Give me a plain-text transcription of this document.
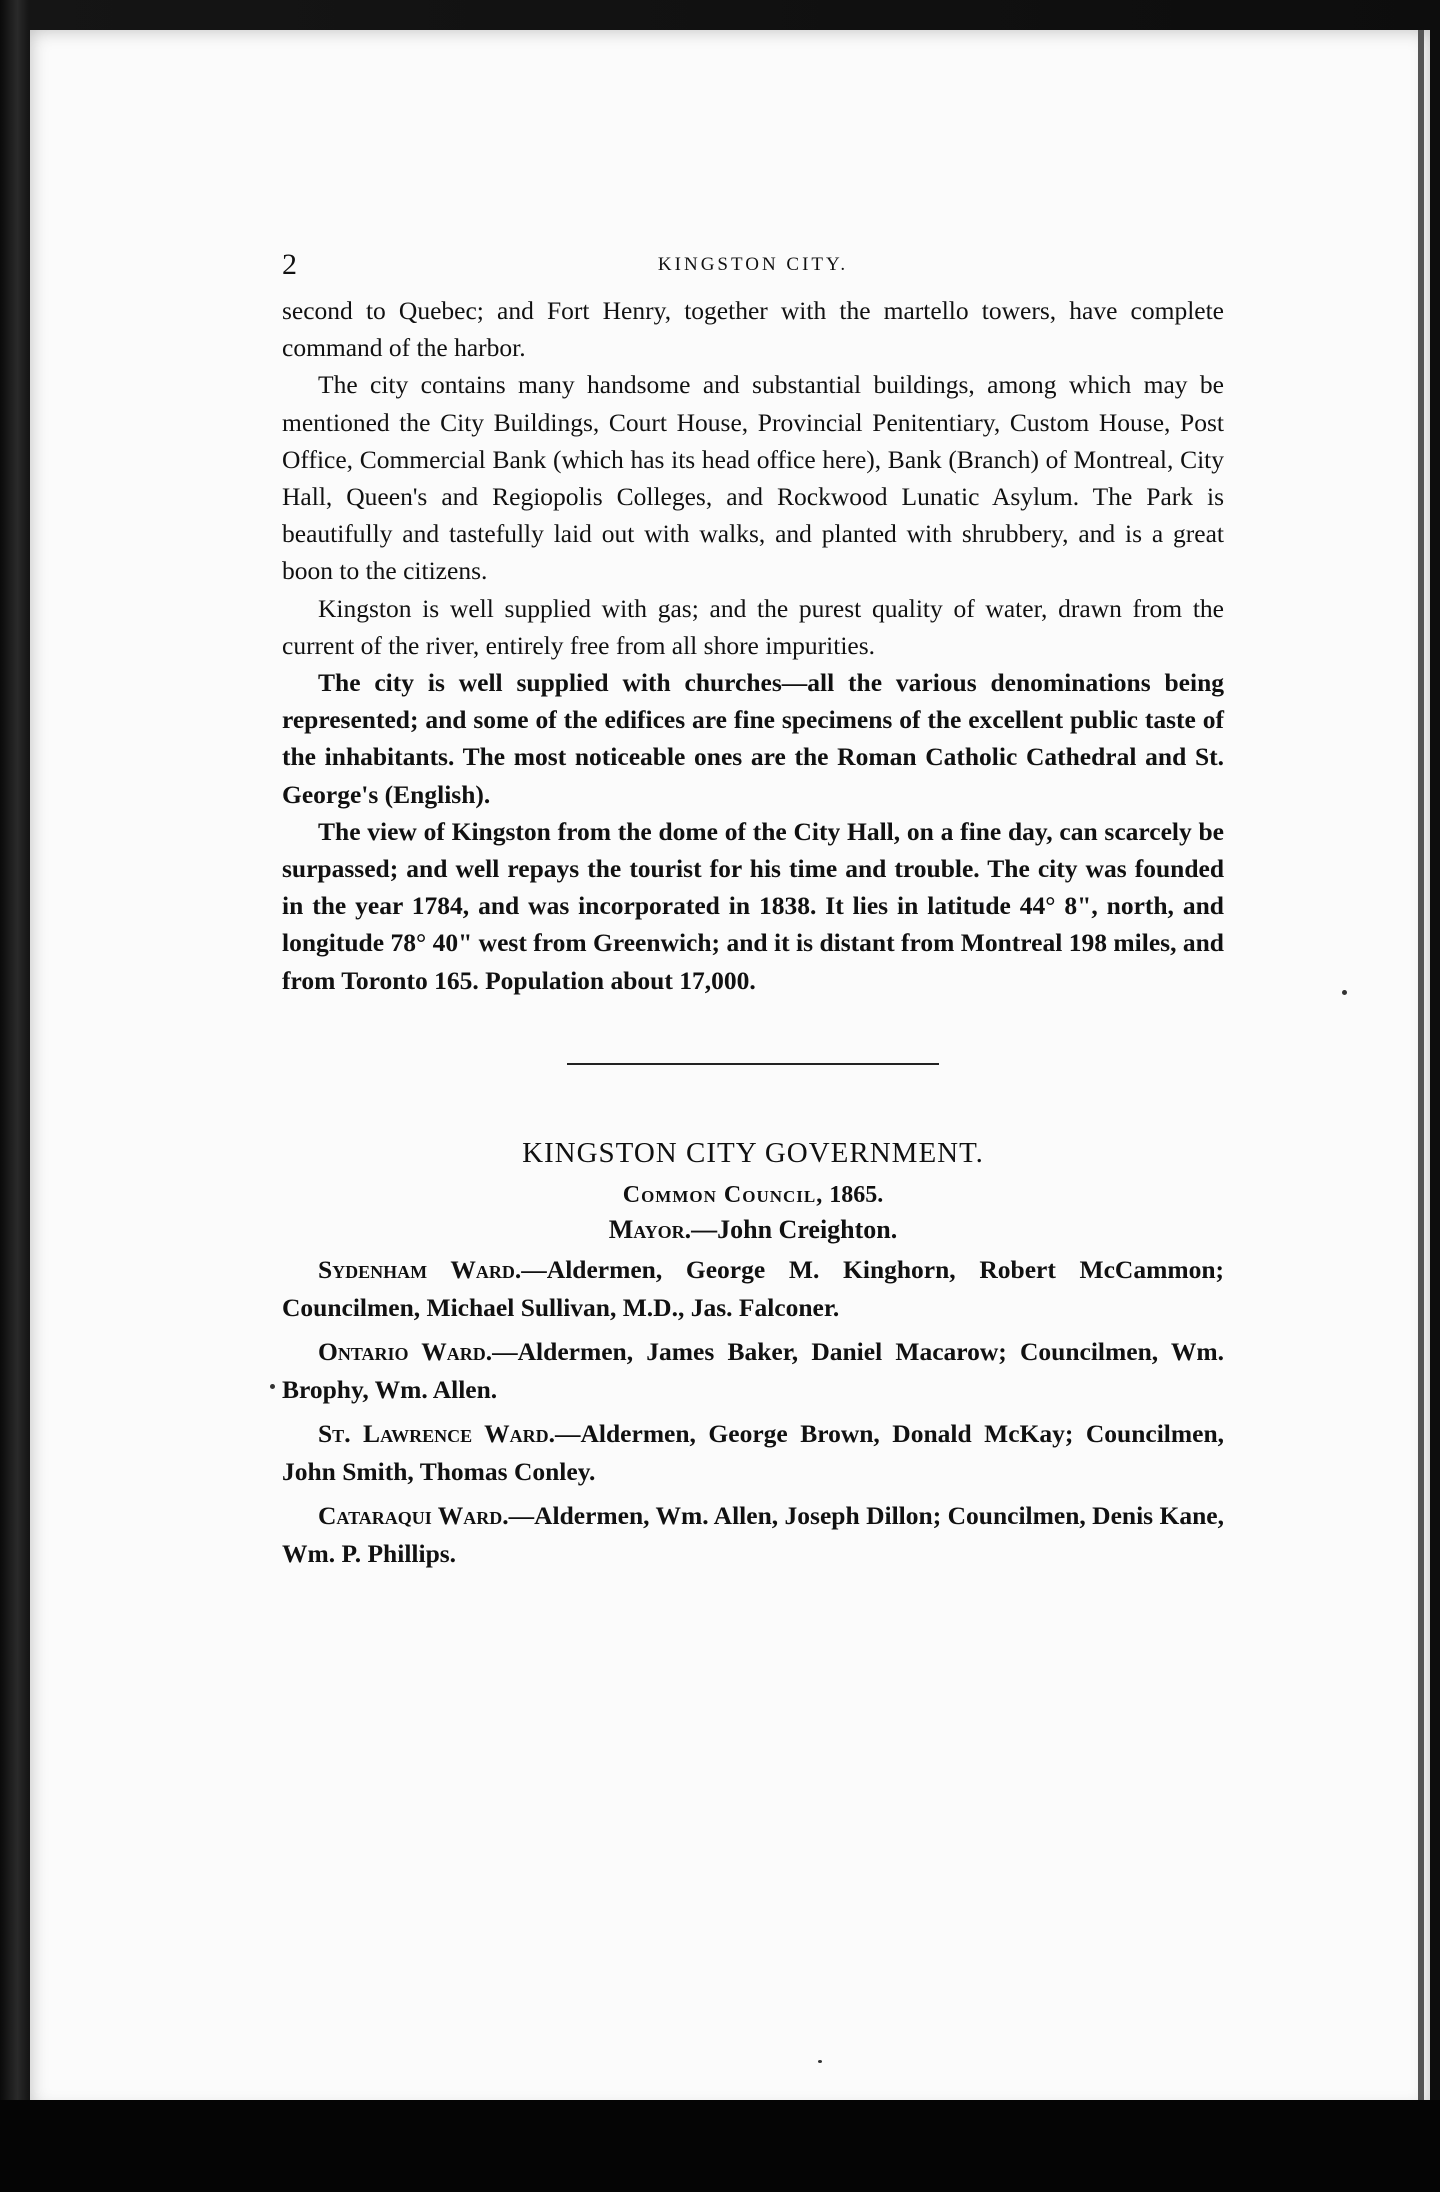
2	KINGSTON CITY.

second to Quebec; and Fort Henry, together with the martello towers, have complete command of the harbor.

The city contains many handsome and substantial buildings, among which may be mentioned the City Buildings, Court House, Provincial Penitentiary, Custom House, Post Office, Commercial Bank (which has its head office here), Bank (Branch) of Montreal, City Hall, Queen's and Regiopolis Colleges, and Rockwood Lunatic Asylum. The Park is beautifully and tastefully laid out with walks, and planted with shrubbery, and is a great boon to the citizens.

Kingston is well supplied with gas; and the purest quality of water, drawn from the current of the river, entirely free from all shore impurities.

The city is well supplied with churches—all the various denominations being represented; and some of the edifices are fine specimens of the excellent public taste of the inhabitants. The most noticeable ones are the Roman Catholic Cathedral and St. George's (English).

The view of Kingston from the dome of the City Hall, on a fine day, can scarcely be surpassed; and well repays the tourist for his time and trouble. The city was founded in the year 1784, and was incorporated in 1838. It lies in latitude 44° 8", north, and longitude 78° 40" west from Greenwich; and it is distant from Montreal 198 miles, and from Toronto 165. Population about 17,000.

KINGSTON CITY GOVERNMENT.
Common Council, 1865.
Mayor.—John Creighton.

Sydenham Ward.—Aldermen, George M. Kinghorn, Robert McCammon; Councilmen, Michael Sullivan, M.D., Jas. Falconer.

Ontario Ward.—Aldermen, James Baker, Daniel Macarow; Councilmen, Wm. Brophy, Wm. Allen.

St. Lawrence Ward.—Aldermen, George Brown, Donald McKay; Councilmen, John Smith, Thomas Conley.

Cataraqui Ward.—Aldermen, Wm. Allen, Joseph Dillon; Councilmen, Denis Kane, Wm. P. Phillips.
